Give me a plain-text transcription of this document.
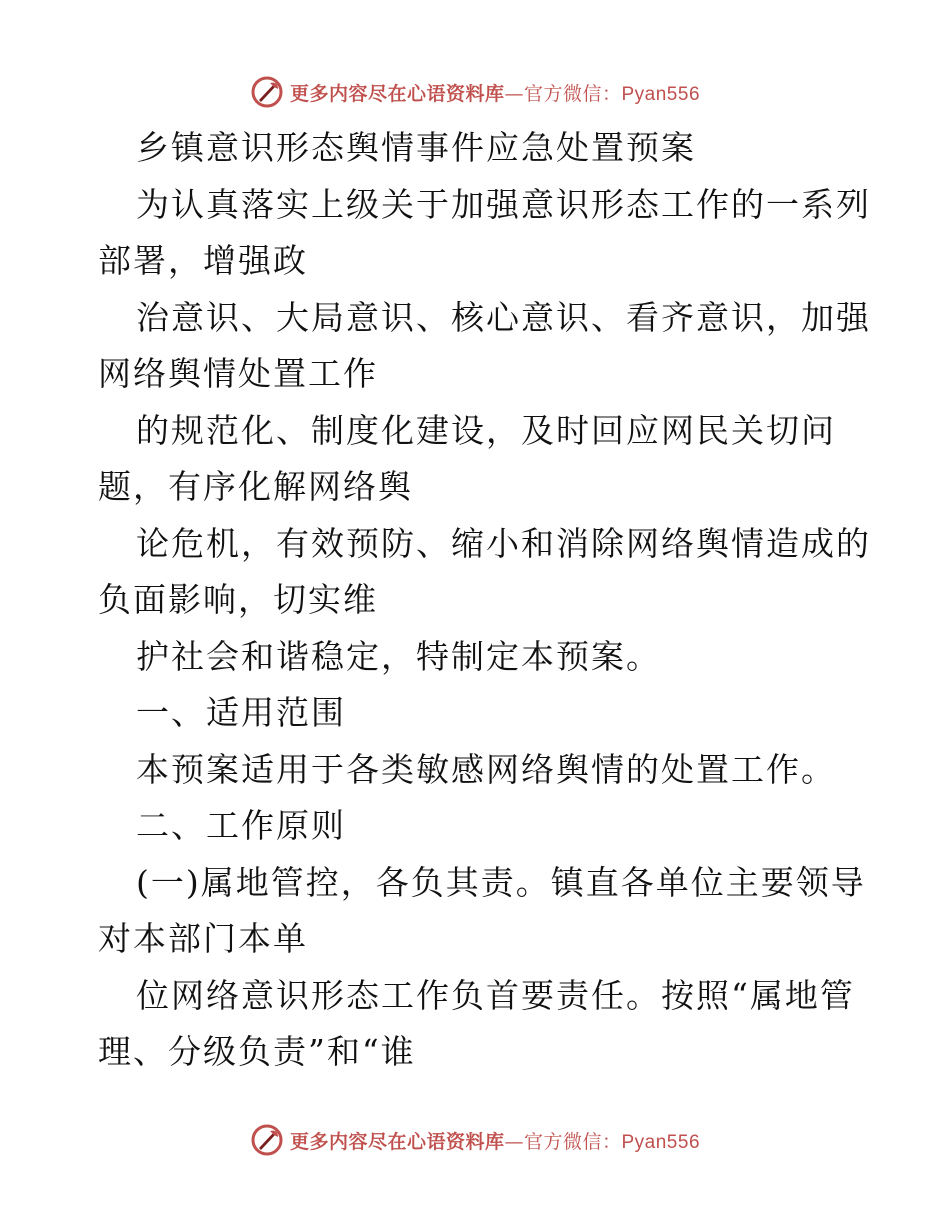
更多内容尽在心语资料库—官方微信：Pyan556
乡镇意识形态舆情事件应急处置预案
为认真落实上级关于加强意识形态工作的一系列
部署，增强政
治意识、大局意识、核心意识、看齐意识，加强
网络舆情处置工作
的规范化、制度化建设，及时回应网民关切问
题，有序化解网络舆
论危机，有效预防、缩小和消除网络舆情造成的
负面影响，切实维
护社会和谐稳定，特制定本预案。
一、适用范围
本预案适用于各类敏感网络舆情的处置工作。
二、工作原则
(一)属地管控，各负其责。镇直各单位主要领导
对本部门本单
位网络意识形态工作负首要责任。按照“属地管
理、分级负责”和“谁
更多内容尽在心语资料库—官方微信：Pyan556
